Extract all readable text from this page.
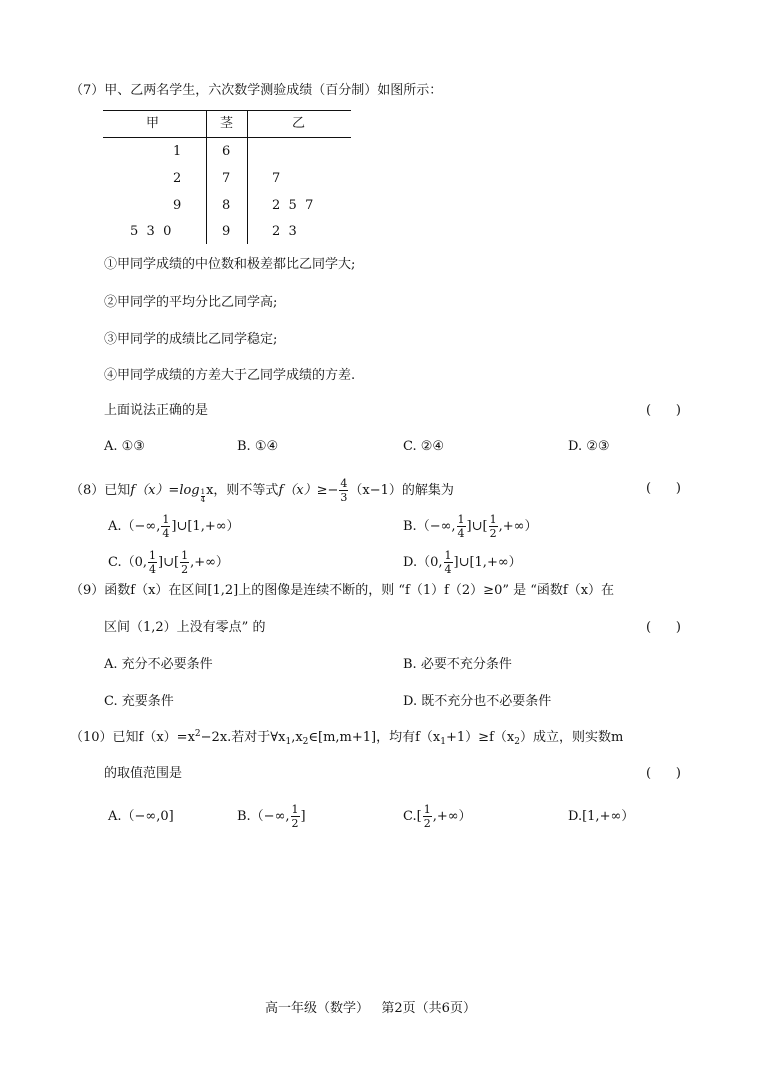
（7）甲、乙两名学生，六次数学测验成绩（百分制）如图所示：
甲	茎	乙
1	6
2	7	7
9	8	2  5  7
5  3  0	9	2  3
①甲同学成绩的中位数和极差都比乙同学大;
②甲同学的平均分比乙同学高;
③甲同学的成绩比乙同学稳定;
④甲同学成绩的方差大于乙同学成绩的方差.
上面说法正确的是	(      )
A. ①③	B. ①④	C. ②④	D. ②③
（8）已知$f(x)=\log \frac{1}{4}$ x，则不等式$f(x)\ge- \frac{4}{3} (x-1)$的解集为	(      )
A.（−∞, $\frac{1}{4}$ ]∪[1,+∞）	B.（−∞, $\frac{1}{4}$ ]∪[ $\frac{1}{2}$ ,+∞）
C.（0, $\frac{1}{4}$ ]∪[ $\frac{1}{2}$ ,+∞）	D.（0, $\frac{1}{4}$ ]∪[1,+∞）
（9）函数f（x）在区间[1,2]上的图像是连续不断的，则 “f（1）f（2）≥0” 是 “函数f（x）在
区间（1,2）上没有零点” 的	(      )
A. 充分不必要条件	B. 必要不充分条件
C. 充要条件	D. 既不充分也不必要条件
（10）已知$f(x)=x^2-2x$.若对于$\forall x_1,x_2\in[m,m+1]$，均有$f(x_1+1)\ge f(x_2)$成立，则实数m
的取值范围是	(      )
A.（−∞,0]	B.（−∞, $\frac{1}{2}$ ]	$C.[ \frac{1}{2}$ ,+∞）	D.[1,+∞）
高一年级（数学）   第2页（共6页）
